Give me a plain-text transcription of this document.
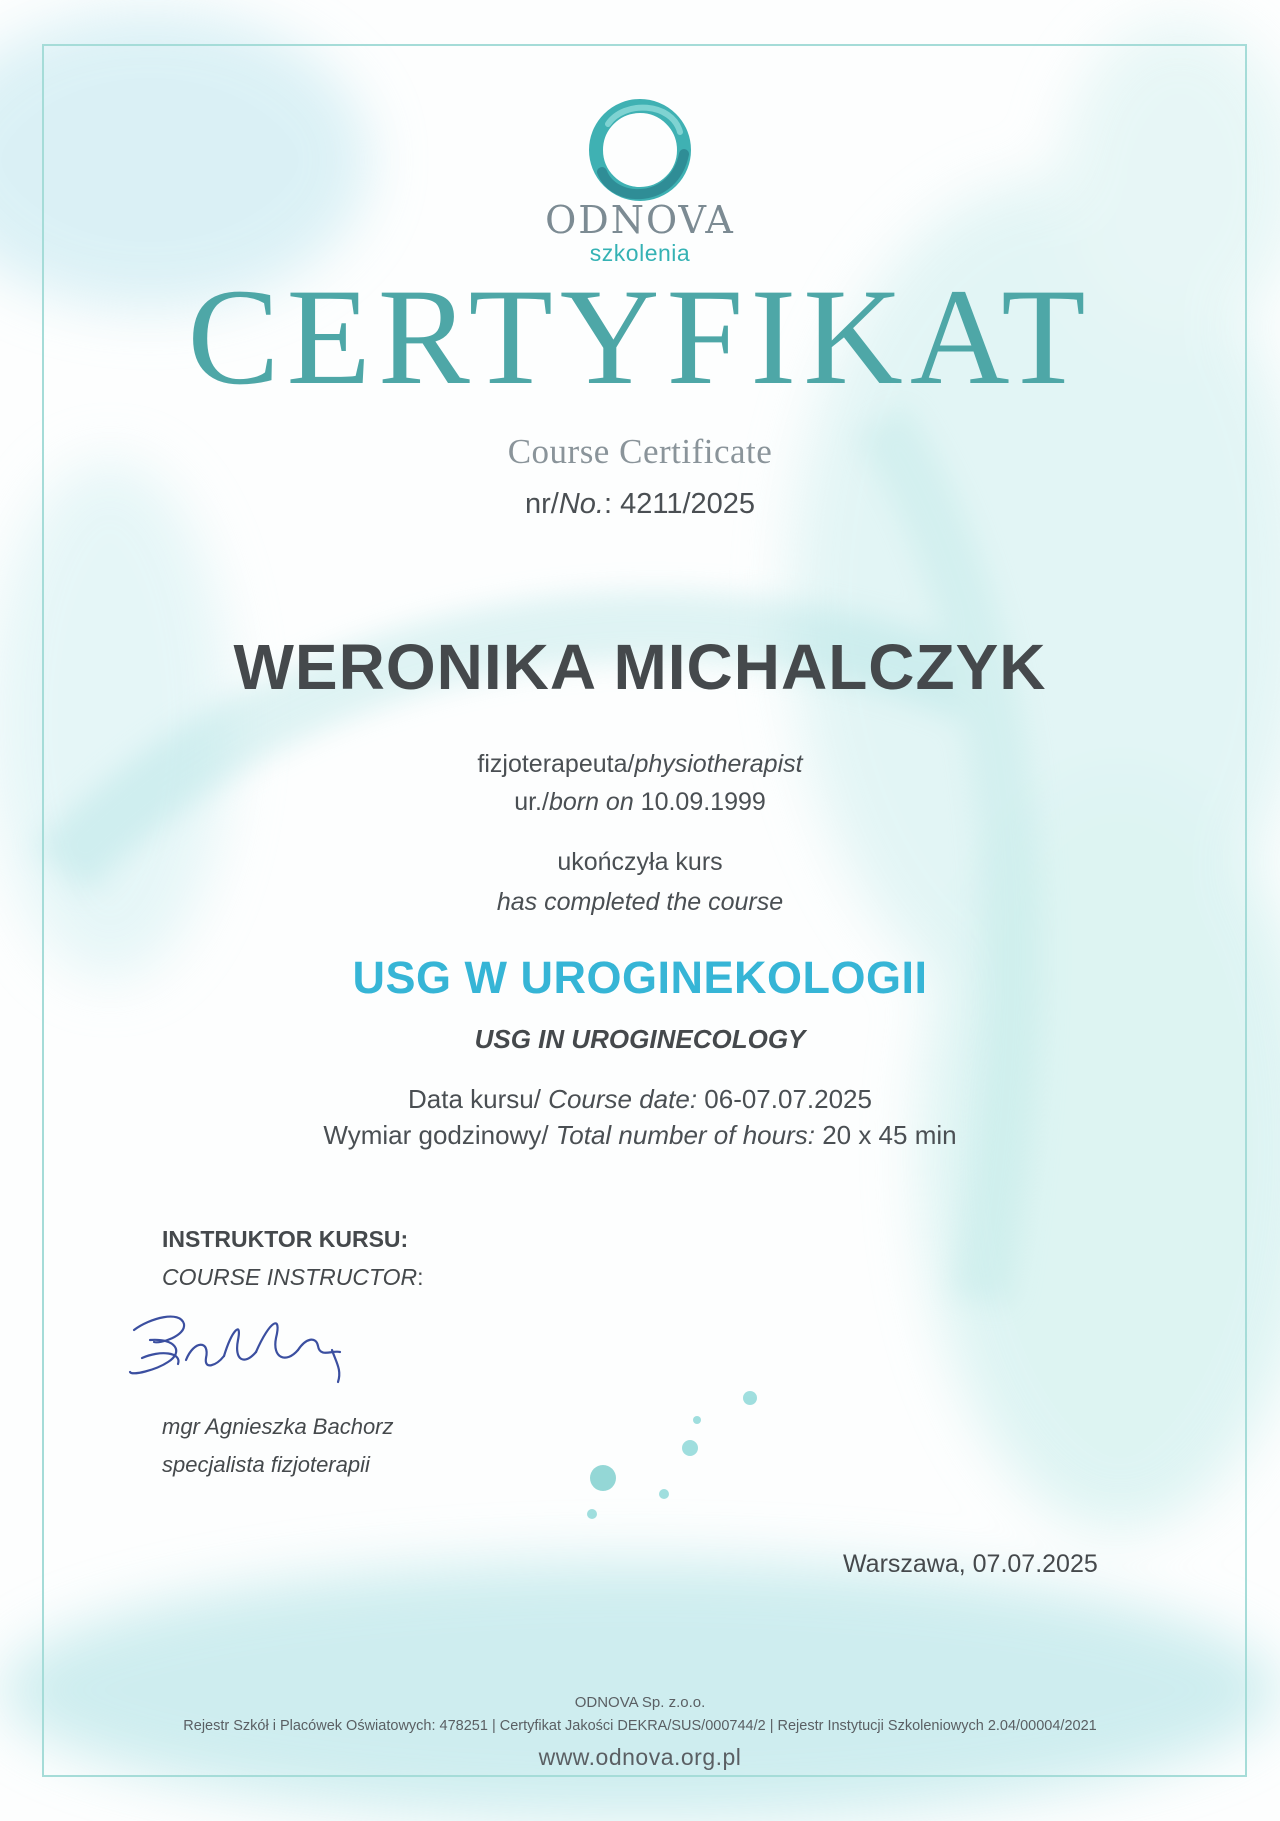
ODNOVA
szkolenia
CERTYFIKAT
Course Certificate
nr/No.: 4211/2025
WERONIKA MICHALCZYK
fizjoterapeuta/physiotherapist
ur./born on 10.09.1999
ukończyła kurs
has completed the course
USG W UROGINEKOLOGII
USG IN UROGINECOLOGY
Data kursu/ Course date: 06-07.07.2025
Wymiar godzinowy/ Total number of hours: 20 x 45 min
INSTRUKTOR KURSU:
COURSE INSTRUCTOR:
mgr Agnieszka Bachorz
specjalista fizjoterapii
Warszawa, 07.07.2025
ODNOVA Sp. z.o.o.
Rejestr Szkół i Placówek Oświatowych: 478251 | Certyfikat Jakości DEKRA/SUS/000744/2 | Rejestr Instytucji Szkoleniowych 2.04/00004/2021
www.odnova.org.pl
